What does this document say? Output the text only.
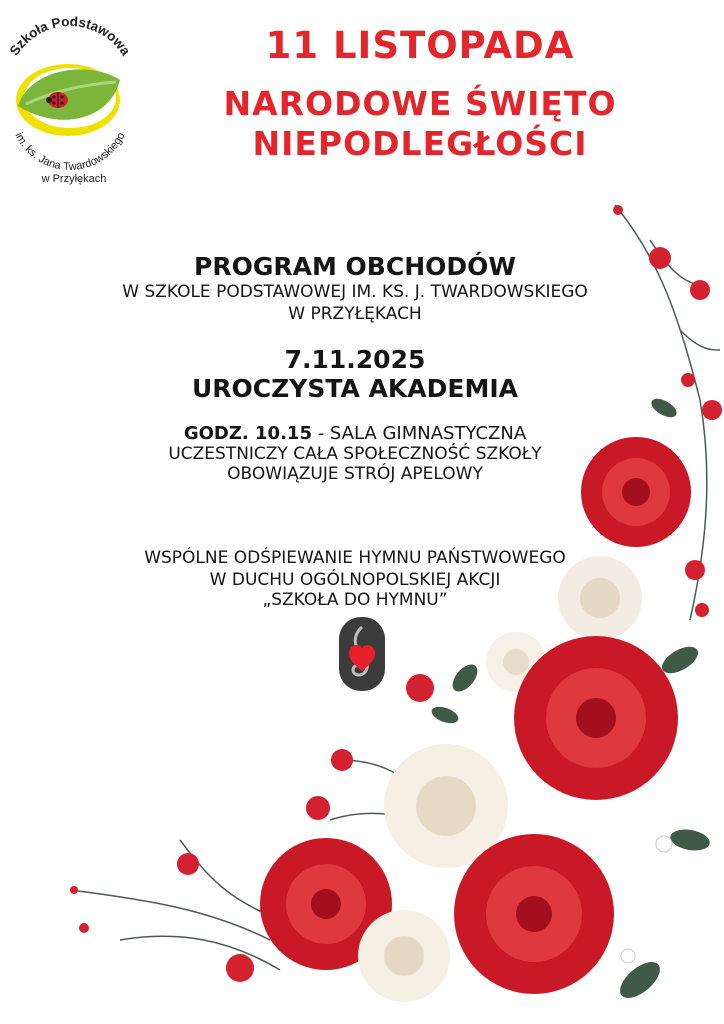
Szkoła Podstawowa
im. ks. Jana Twardowskiego
w Przyłękach
11 LISTOPADA
NARODOWE ŚWIĘTO
NIEPODLEGŁOŚCI
PROGRAM OBCHODÓW
W SZKOLE PODSTAWOWEJ IM. KS. J. TWARDOWSKIEGO
W PRZYŁĘKACH
7.11.2025
UROCZYSTA AKADEMIA
GODZ. 10.15 - SALA GIMNASTYCZNA
UCZESTNICZY CAŁA SPOŁECZNOŚĆ SZKOŁY
OBOWIĄZUJE STRÓJ APELOWY
WSPÓLNE ODŚPIEWANIE HYMNU PAŃSTWOWEGO
W DUCHU OGÓLNOPOLSKIEJ AKCJI
„SZKOŁA DO HYMNU”
